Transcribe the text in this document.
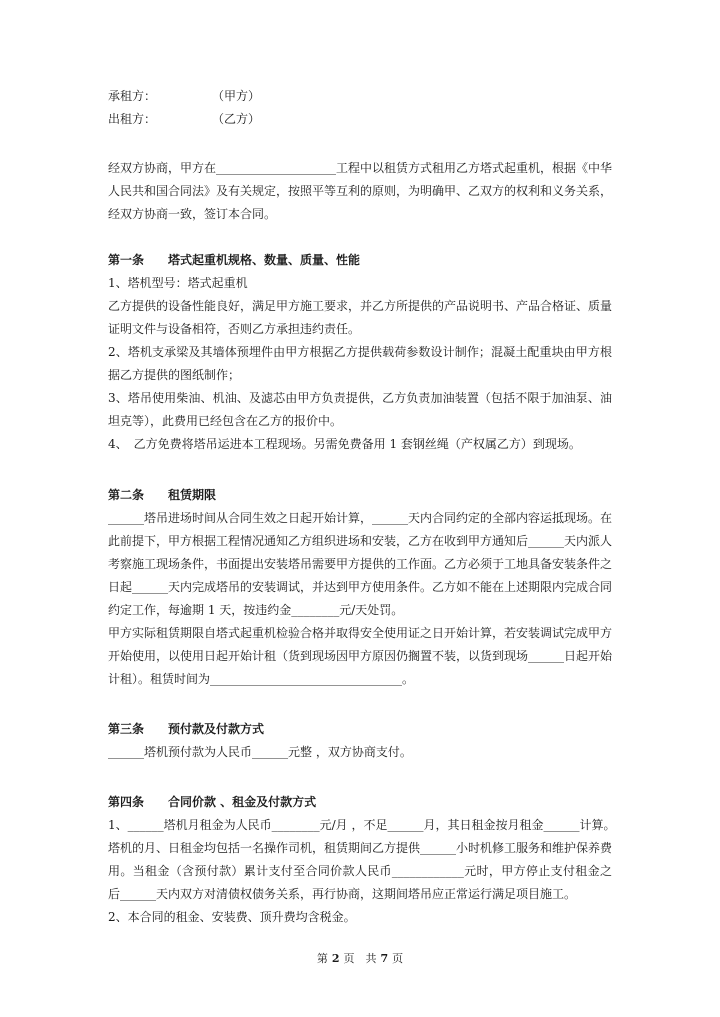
承租方：	（甲方）
出租方：	（乙方）
经双方协商，甲方在____________________工程中以租赁方式租用乙方塔式起重机，根据《中华
人民共和国合同法》及有关规定，按照平等互利的原则，为明确甲、乙双方的权利和义务关系，
经双方协商一致，签订本合同。
第一条　　塔式起重机规格、数量、质量、性能
1、塔机型号：塔式起重机
乙方提供的设备性能良好，满足甲方施工要求，并乙方所提供的产品说明书、产品合格证、质量
证明文件与设备相符，否则乙方承担违约责任。
2、塔机支承梁及其墙体预埋件由甲方根据乙方提供载荷参数设计制作；混凝土配重块由甲方根
据乙方提供的图纸制作；
3、塔吊使用柴油、机油、及滤芯由甲方负责提供，乙方负责加油装置（包括不限于加油泵、油
坦克等），此费用已经包含在乙方的报价中。
4、　乙方免费将塔吊运进本工程现场。另需免费备用 1 套钢丝绳（产权属乙方）到现场。
第二条　　租赁期限
______塔吊进场时间从合同生效之日起开始计算，______天内合同约定的全部内容运抵现场。在
此前提下，甲方根据工程情况通知乙方组织进场和安装，乙方在收到甲方通知后______天内派人
考察施工现场条件，书面提出安装塔吊需要甲方提供的工作面。乙方必须于工地具备安装条件之
日起______天内完成塔吊的安装调试，并达到甲方使用条件。乙方如不能在上述期限内完成合同
约定工作，每逾期 1 天，按违约金________元/天处罚。
甲方实际租赁期限自塔式起重机检验合格并取得安全使用证之日开始计算，若安装调试完成甲方
开始使用，以使用日起开始计租（货到现场因甲方原因仍搁置不装，以货到现场______日起开始
计租）。租赁时间为________________________________。
第三条　　预付款及付款方式
______塔机预付款为人民币______元整 ，双方协商支付。
第四条　　合同价款 、租金及付款方式
1、______塔机月租金为人民币________元/月 ，不足______月，其日租金按月租金______计算。
塔机的月、日租金均包括一名操作司机，租赁期间乙方提供______小时机修工服务和维护保养费
用。当租金（含预付款）累计支付至合同价款人民币____________元时，甲方停止支付租金之
后______天内双方对清债权债务关系，再行协商，这期间塔吊应正常运行满足项目施工。
2、本合同的租金、安装费、顶升费均含税金。
第 2 页　共 7 页
